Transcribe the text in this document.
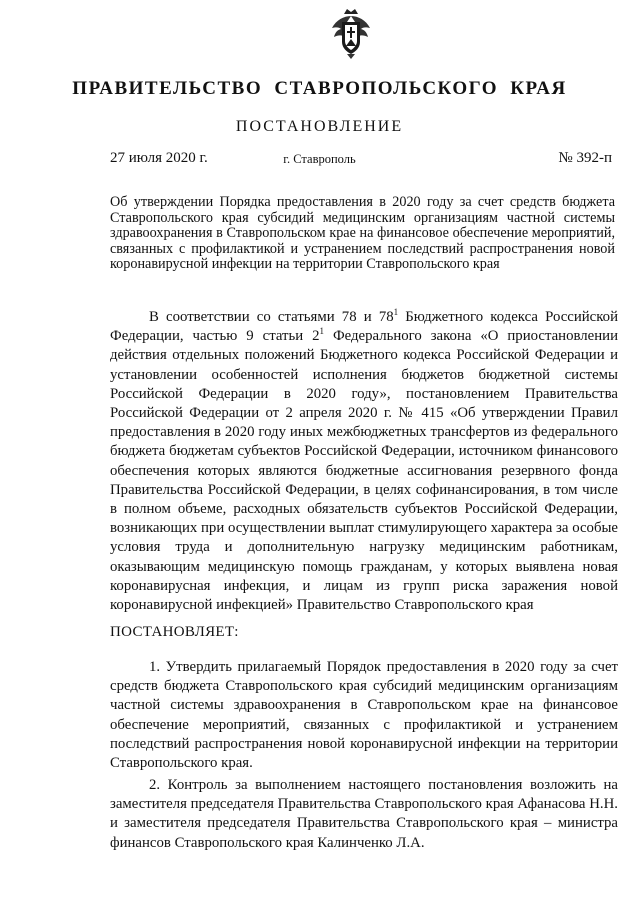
ПРАВИТЕЛЬСТВО СТАВРОПОЛЬСКОГО КРАЯ
ПОСТАНОВЛЕНИЕ
27 июля 2020 г.	г. Ставрополь	№ 392-п
Об утверждении Порядка предоставления в 2020 году за счет средств бюджета Ставропольского края субсидий медицинским организациям частной системы здравоохранения в Ставропольском крае на финансовое обеспечение мероприятий, связанных с профилактикой и устранением последствий распространения новой коронавирусной инфекции на территории Ставропольского края
В соответствии со статьями 78 и $78^1$ Бюджетного кодекса Российской Федерации, частью 9 статьи $2^1$ Федерального закона «О приостановлении действия отдельных положений Бюджетного кодекса Российской Федерации и установлении особенностей исполнения бюджетов бюджетной системы Российской Федерации в 2020 году», постановлением Правительства Российской Федерации от 2 апреля 2020 г. № 415 «Об утверждении Правил предоставления в 2020 году иных межбюджетных трансфертов из федерального бюджета бюджетам субъектов Российской Федерации, источником финансового обеспечения которых являются бюджетные ассигнования резервного фонда Правительства Российской Федерации, в целях софинансирования, в том числе в полном объеме, расходных обязательств субъектов Российской Федерации, возникающих при осуществлении выплат стимулирующего характера за особые условия труда и дополнительную нагрузку медицинским работникам, оказывающим медицинскую помощь гражданам, у которых выявлена новая коронавирусная инфекция, и лицам из групп риска заражения новой коронавирусной инфекцией» Правительство Ставропольского края
ПОСТАНОВЛЯЕТ:
1. Утвердить прилагаемый Порядок предоставления в 2020 году за счет средств бюджета Ставропольского края субсидий медицинским организациям частной системы здравоохранения в Ставропольском крае на финансовое обеспечение мероприятий, связанных с профилактикой и устранением последствий распространения новой коронавирусной инфекции на территории Ставропольского края.
2. Контроль за выполнением настоящего постановления возложить на заместителя председателя Правительства Ставропольского края Афанасова Н.Н. и заместителя председателя Правительства Ставропольского края – министра финансов Ставропольского края Калинченко Л.А.
